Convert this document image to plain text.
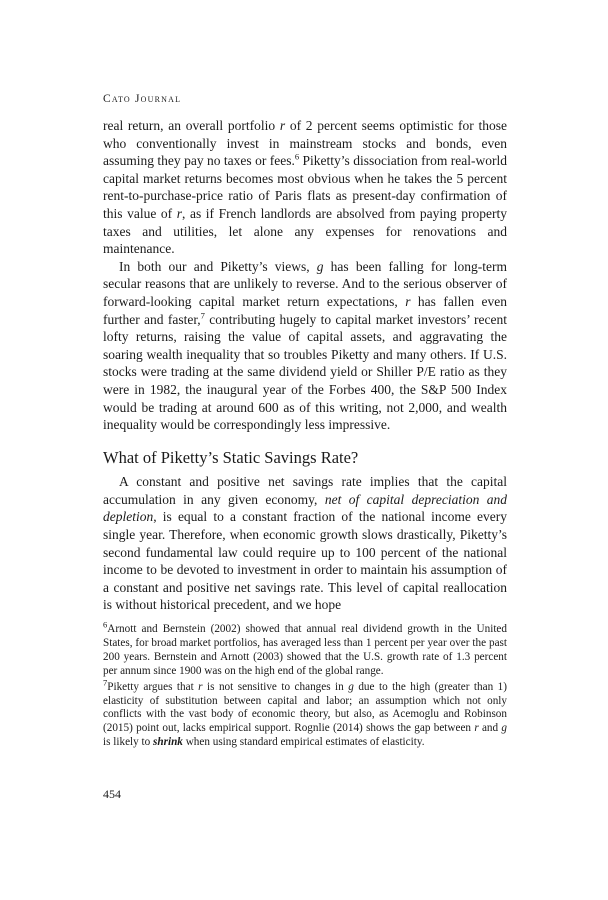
Cato Journal

real return, an overall portfolio r of 2 percent seems optimistic for those who conventionally invest in mainstream stocks and bonds, even assuming they pay no taxes or fees.$^6$ Piketty’s dissociation from real-world capital market returns becomes most obvious when he takes the 5 percent rent-to-purchase-price ratio of Paris flats as present-day confirmation of this value of r, as if French landlords are absolved from paying property taxes and utilities, let alone any expenses for renovations and maintenance.

In both our and Piketty’s views, g has been falling for long-term secular reasons that are unlikely to reverse. And to the serious observer of forward-looking capital market return expectations, r has fallen even further and faster,$^7$ contributing hugely to capital market investors’ recent lofty returns, raising the value of capital assets, and aggravating the soaring wealth inequality that so troubles Piketty and many others. If U.S. stocks were trading at the same dividend yield or Shiller P/E ratio as they were in 1982, the inaugural year of the Forbes 400, the S&P 500 Index would be trading at around 600 as of this writing, not 2,000, and wealth inequality would be correspondingly less impressive.

What of Piketty’s Static Savings Rate?

A constant and positive net savings rate implies that the capital accumulation in any given economy, net of capital depreciation and depletion, is equal to a constant fraction of the national income every single year. Therefore, when economic growth slows drastically, Piketty’s second fundamental law could require up to 100 percent of the national income to be devoted to investment in order to maintain his assumption of a constant and positive net savings rate. This level of capital reallocation is without historical precedent, and we hope

$^6$Arnott and Bernstein (2002) showed that annual real dividend growth in the United States, for broad market portfolios, has averaged less than 1 percent per year over the past 200 years. Bernstein and Arnott (2003) showed that the U.S. growth rate of 1.3 percent per annum since 1900 was on the high end of the global range.

$^7$Piketty argues that r is not sensitive to changes in g due to the high (greater than 1) elasticity of substitution between capital and labor; an assumption which not only conflicts with the vast body of economic theory, but also, as Acemoglu and Robinson (2015) point out, lacks empirical support. Rognlie (2014) shows the gap between r and g is likely to shrink when using standard empirical estimates of elasticity.

454
